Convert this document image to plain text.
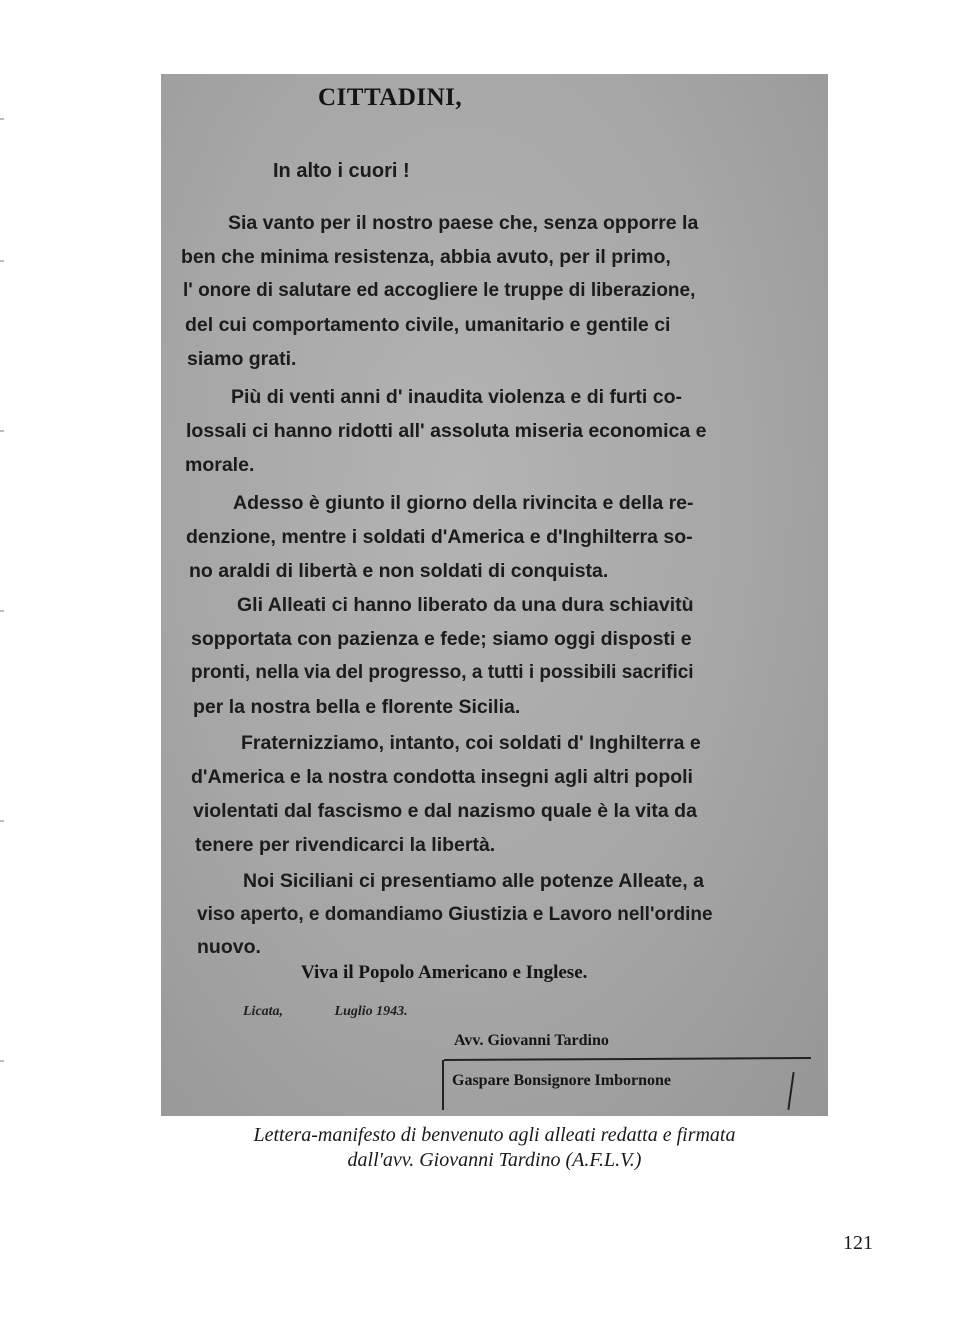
CITTADINI,
In alto i cuori !
Sia vanto per il nostro paese che, senza opporre la
ben che minima resistenza, abbia avuto, per il primo,
l' onore di salutare ed accogliere le truppe di liberazione,
del cui comportamento civile, umanitario e gentile ci
siamo grati.
Più di venti anni d' inaudita violenza e di furti co-
lossali ci hanno ridotti all' assoluta miseria economica e
morale.
Adesso è giunto il giorno della rivincita e della re-
denzione, mentre i soldati d'America e d'Inghilterra so-
no araldi di libertà e non soldati di conquista.
Gli Alleati ci hanno liberato da una dura schiavitù
sopportata con pazienza e fede; siamo oggi disposti e
pronti, nella via del progresso, a tutti i possibili sacrifici
per la nostra bella e florente Sicilia.
Fraternizziamo, intanto, coi soldati d' Inghilterra e
d'America e la nostra condotta insegni agli altri popoli
violentati dal fascismo e dal nazismo quale è la vita da
tenere per rivendicarci la libertà.
Noi Siciliani ci presentiamo alle potenze Alleate, a
viso aperto, e domandiamo Giustizia e Lavoro nell'ordine
nuovo.
Viva il Popolo Americano e Inglese.
Licata,	Luglio 1943.
Avv. Giovanni Tardino
Gaspare Bonsignore Imbornone
Lettera-manifesto di benvenuto agli alleati redatta e firmata
dall'avv. Giovanni Tardino (A.F.L.V.)
121
